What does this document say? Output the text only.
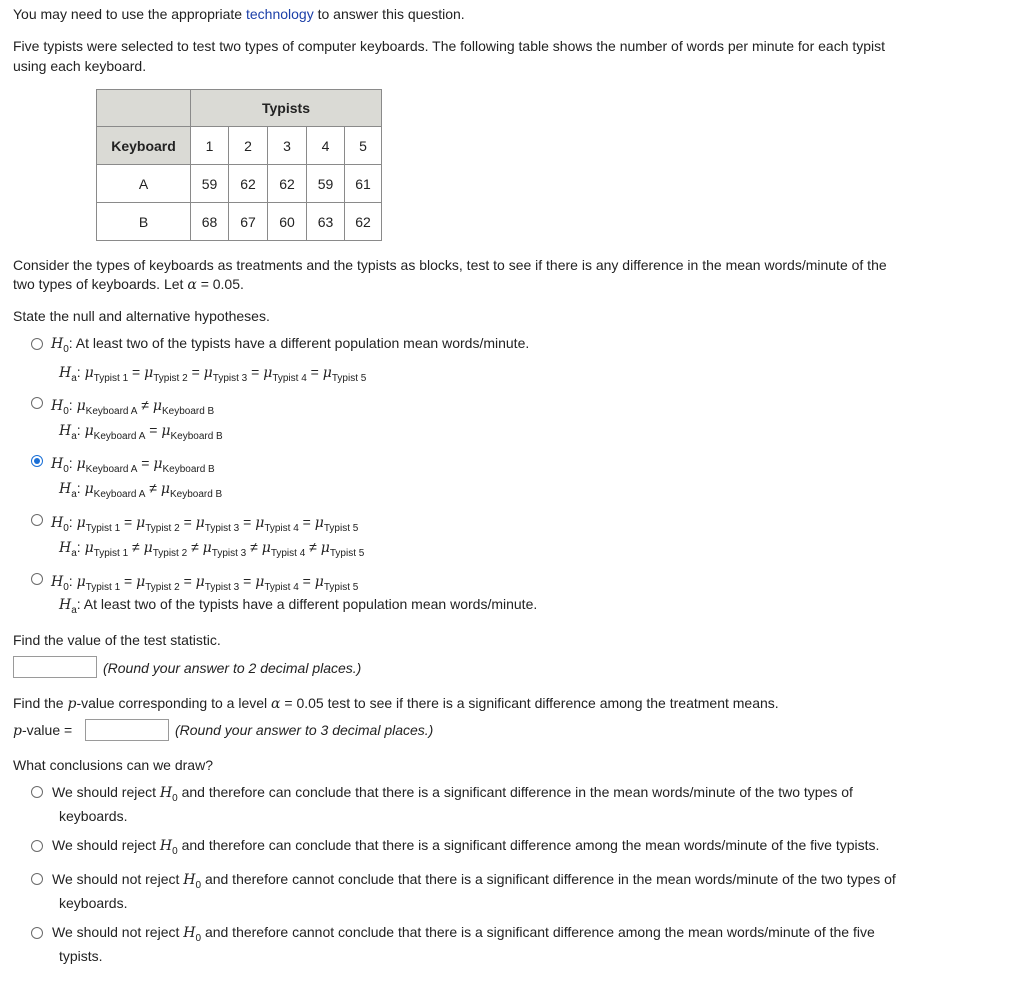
You may need to use the appropriate technology to answer this question.
Five typists were selected to test two types of computer keyboards. The following table shows the number of words per minute for each typist
using each keyboard.
	Typists				
Keyboard	1	2	3	4	5
A	59	62	62	59	61
B	68	67	60	63	62
Consider the types of keyboards as treatments and the typists as blocks, test to see if there is any difference in the mean words/minute of the
two types of keyboards. Let α = 0.05.
State the null and alternative hypotheses.
$H_0$: At least two of the typists have a different population mean words/minute.
$H_a$: $\mu_{Typist 1} = \mu_{Typist 2} = \mu_{Typist 3} = \mu_{Typist 4} = \mu_{Typist 5}$
$H_0$: $\mu_{Keyboard A} \ne \mu_{Keyboard B}$
$H_a$: $\mu_{Keyboard A} = \mu_{Keyboard B}$
$H_0$: $\mu_{Keyboard A} = \mu_{Keyboard B}$
$H_a$: $\mu_{Keyboard A} \ne \mu_{Keyboard B}$
$H_0$: $\mu_{Typist 1} = \mu_{Typist 2} = \mu_{Typist 3} = \mu_{Typist 4} = \mu_{Typist 5}$
$H_a$: $\mu_{Typist 1} \ne \mu_{Typist 2} \ne \mu_{Typist 3} \ne \mu_{Typist 4} \ne \mu_{Typist 5}$
$H_0$: $\mu_{Typist 1} = \mu_{Typist 2} = \mu_{Typist 3} = \mu_{Typist 4} = \mu_{Typist 5}$
$H_a$: At least two of the typists have a different population mean words/minute.
Find the value of the test statistic.
(Round your answer to 2 decimal places.)
Find the p-value corresponding to a level α = 0.05 test to see if there is a significant difference among the treatment means.
p-value =	(Round your answer to 3 decimal places.)
What conclusions can we draw?
We should reject $H_0$ and therefore can conclude that there is a significant difference in the mean words/minute of the two types of
keyboards.
We should reject $H_0$ and therefore can conclude that there is a significant difference among the mean words/minute of the five typists.
We should not reject $H_0$ and therefore cannot conclude that there is a significant difference in the mean words/minute of the two types of
keyboards.
We should not reject $H_0$ and therefore cannot conclude that there is a significant difference among the mean words/minute of the five
typists.
